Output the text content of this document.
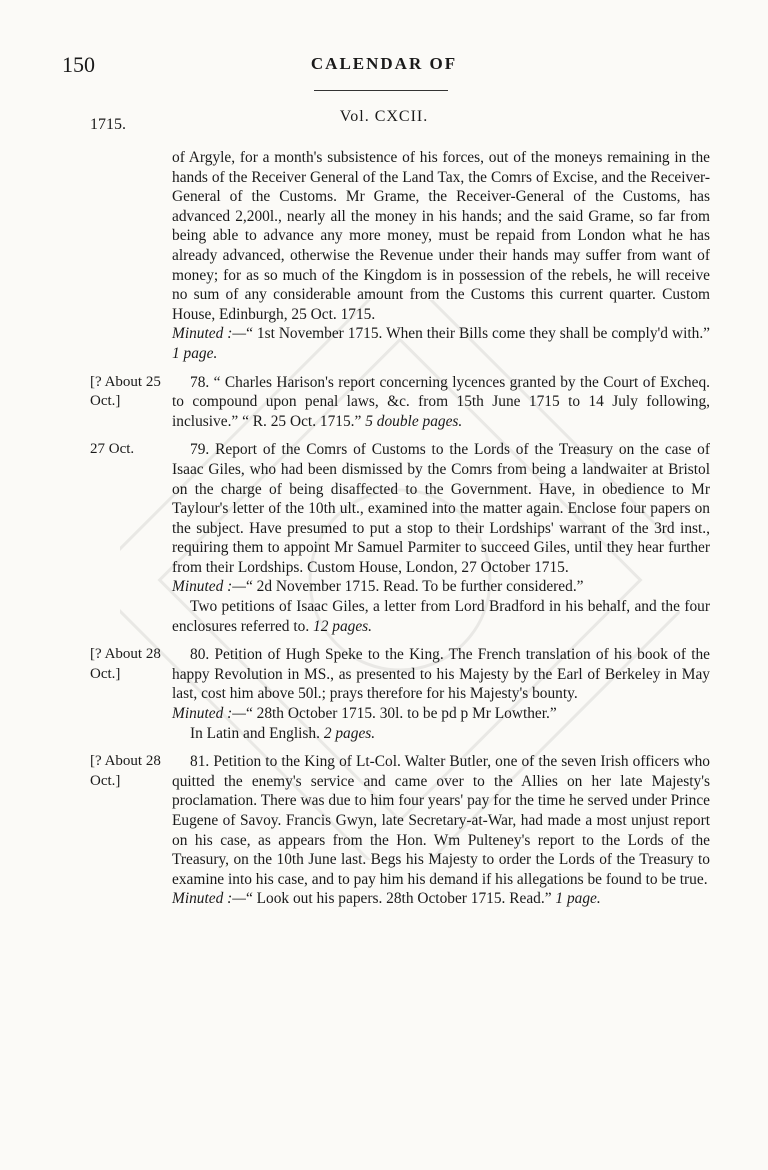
150	CALENDAR OF
Vol. CXCII.
1715.

of Argyle, for a month's subsistence of his forces, out of the moneys remaining in the hands of the Receiver General of the Land Tax, the Comrs of Excise, and the Receiver-General of the Customs. Mr Grame, the Receiver-General of the Customs, has advanced 2,200l., nearly all the money in his hands; and the said Grame, so far from being able to advance any more money, must be repaid from London what he has already advanced, otherwise the Revenue under their hands may suffer from want of money; for as so much of the Kingdom is in possession of the rebels, he will receive no sum of any considerable amount from the Customs this current quarter. Custom House, Edinburgh, 25 Oct. 1715.

Minuted :—“ 1st November 1715. When their Bills come they shall be comply'd with.” 1 page.

[? About 25 Oct.]

78. “ Charles Harison's report concerning lycences granted by the Court of Excheq. to compound upon penal laws, &c. from 15th June 1715 to 14 July following, inclusive.” “ R. 25 Oct. 1715.” 5 double pages.

27 Oct.	79. Report of the Comrs of Customs to the Lords of the Treasury on the case of Isaac Giles, who had been dismissed by the Comrs from being a landwaiter at Bristol on the charge of being disaffected to the Government. Have, in obedience to Mr Taylour's letter of the 10th ult., examined into the matter again. Enclose four papers on the subject. Have presumed to put a stop to their Lordships' warrant of the 3rd inst., requiring them to appoint Mr Samuel Parmiter to succeed Giles, until they hear further from their Lordships. Custom House, London, 27 October 1715.

Minuted :—“ 2d November 1715. Read. To be further considered.”

Two petitions of Isaac Giles, a letter from Lord Bradford in his behalf, and the four enclosures referred to. 12 pages.

[? About 28 Oct.]

80. Petition of Hugh Speke to the King. The French translation of his book of the happy Revolution in MS., as presented to his Majesty by the Earl of Berkeley in May last, cost him above 50l.; prays therefore for his Majesty's bounty.

Minuted :—“ 28th October 1715. 30l. to be pd p Mr Lowther.”

In Latin and English. 2 pages.

[? About 28 Oct.]

81. Petition to the King of Lt-Col. Walter Butler, one of the seven Irish officers who quitted the enemy's service and came over to the Allies on her late Majesty's proclamation. There was due to him four years' pay for the time he served under Prince Eugene of Savoy. Francis Gwyn, late Secretary-at-War, had made a most unjust report on his case, as appears from the Hon. Wm Pulteney's report to the Lords of the Treasury, on the 10th June last. Begs his Majesty to order the Lords of the Treasury to examine into his case, and to pay him his demand if his allegations be found to be true.

Minuted :—“ Look out his papers. 28th October 1715. Read.” 1 page.
